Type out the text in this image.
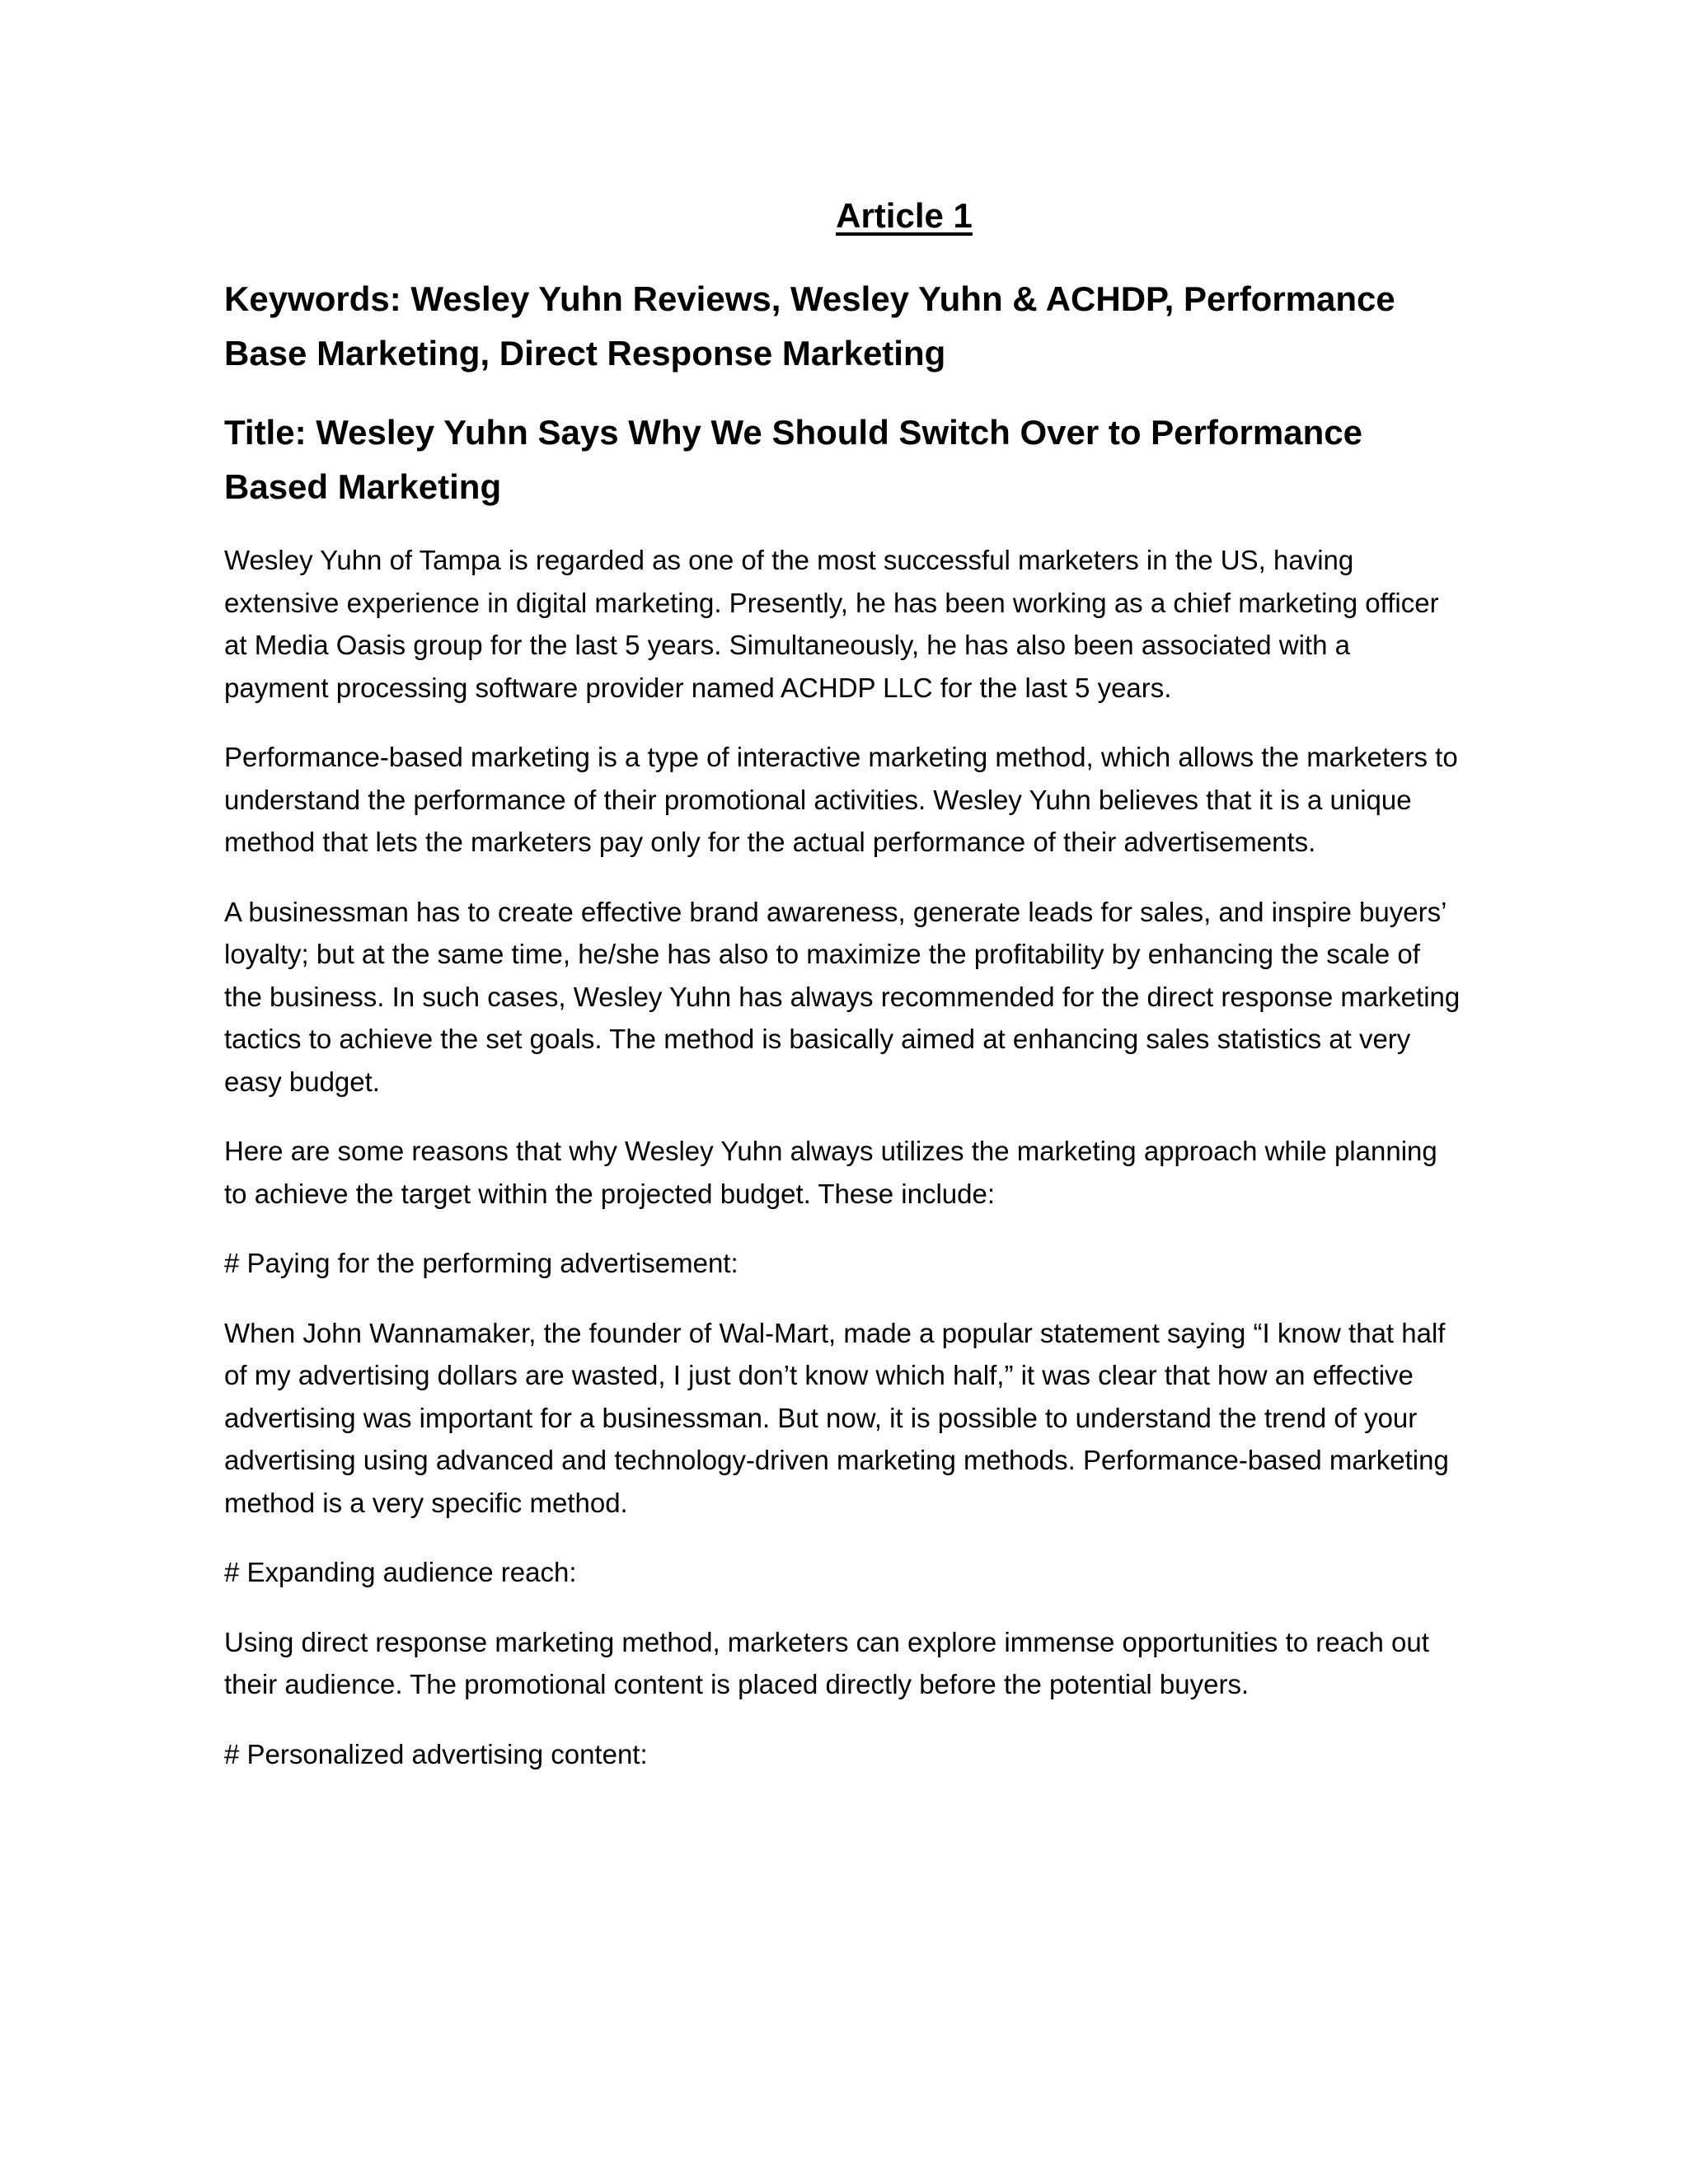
Article 1
Keywords: Wesley Yuhn Reviews, Wesley Yuhn & ACHDP, Performance Base Marketing, Direct Response Marketing
Title: Wesley Yuhn Says Why We Should Switch Over to Performance Based Marketing

Wesley Yuhn of Tampa is regarded as one of the most successful marketers in the US, having extensive experience in digital marketing. Presently, he has been working as a chief marketing officer at Media Oasis group for the last 5 years. Simultaneously, he has also been associated with a payment processing software provider named ACHDP LLC for the last 5 years.

Performance-based marketing is a type of interactive marketing method, which allows the marketers to understand the performance of their promotional activities. Wesley Yuhn believes that it is a unique method that lets the marketers pay only for the actual performance of their advertisements.

A businessman has to create effective brand awareness, generate leads for sales, and inspire buyers’ loyalty; but at the same time, he/she has also to maximize the profitability by enhancing the scale of the business. In such cases, Wesley Yuhn has always recommended for the direct response marketing tactics to achieve the set goals. The method is basically aimed at enhancing sales statistics at very easy budget.

Here are some reasons that why Wesley Yuhn always utilizes the marketing approach while planning to achieve the target within the projected budget. These include:

# Paying for the performing advertisement:

When John Wannamaker, the founder of Wal-Mart, made a popular statement saying “I know that half of my advertising dollars are wasted, I just don’t know which half,” it was clear that how an effective advertising was important for a businessman. But now, it is possible to understand the trend of your advertising using advanced and technology-driven marketing methods. Performance-based marketing method is a very specific method.

# Expanding audience reach:

Using direct response marketing method, marketers can explore immense opportunities to reach out their audience. The promotional content is placed directly before the potential buyers.

# Personalized advertising content:
